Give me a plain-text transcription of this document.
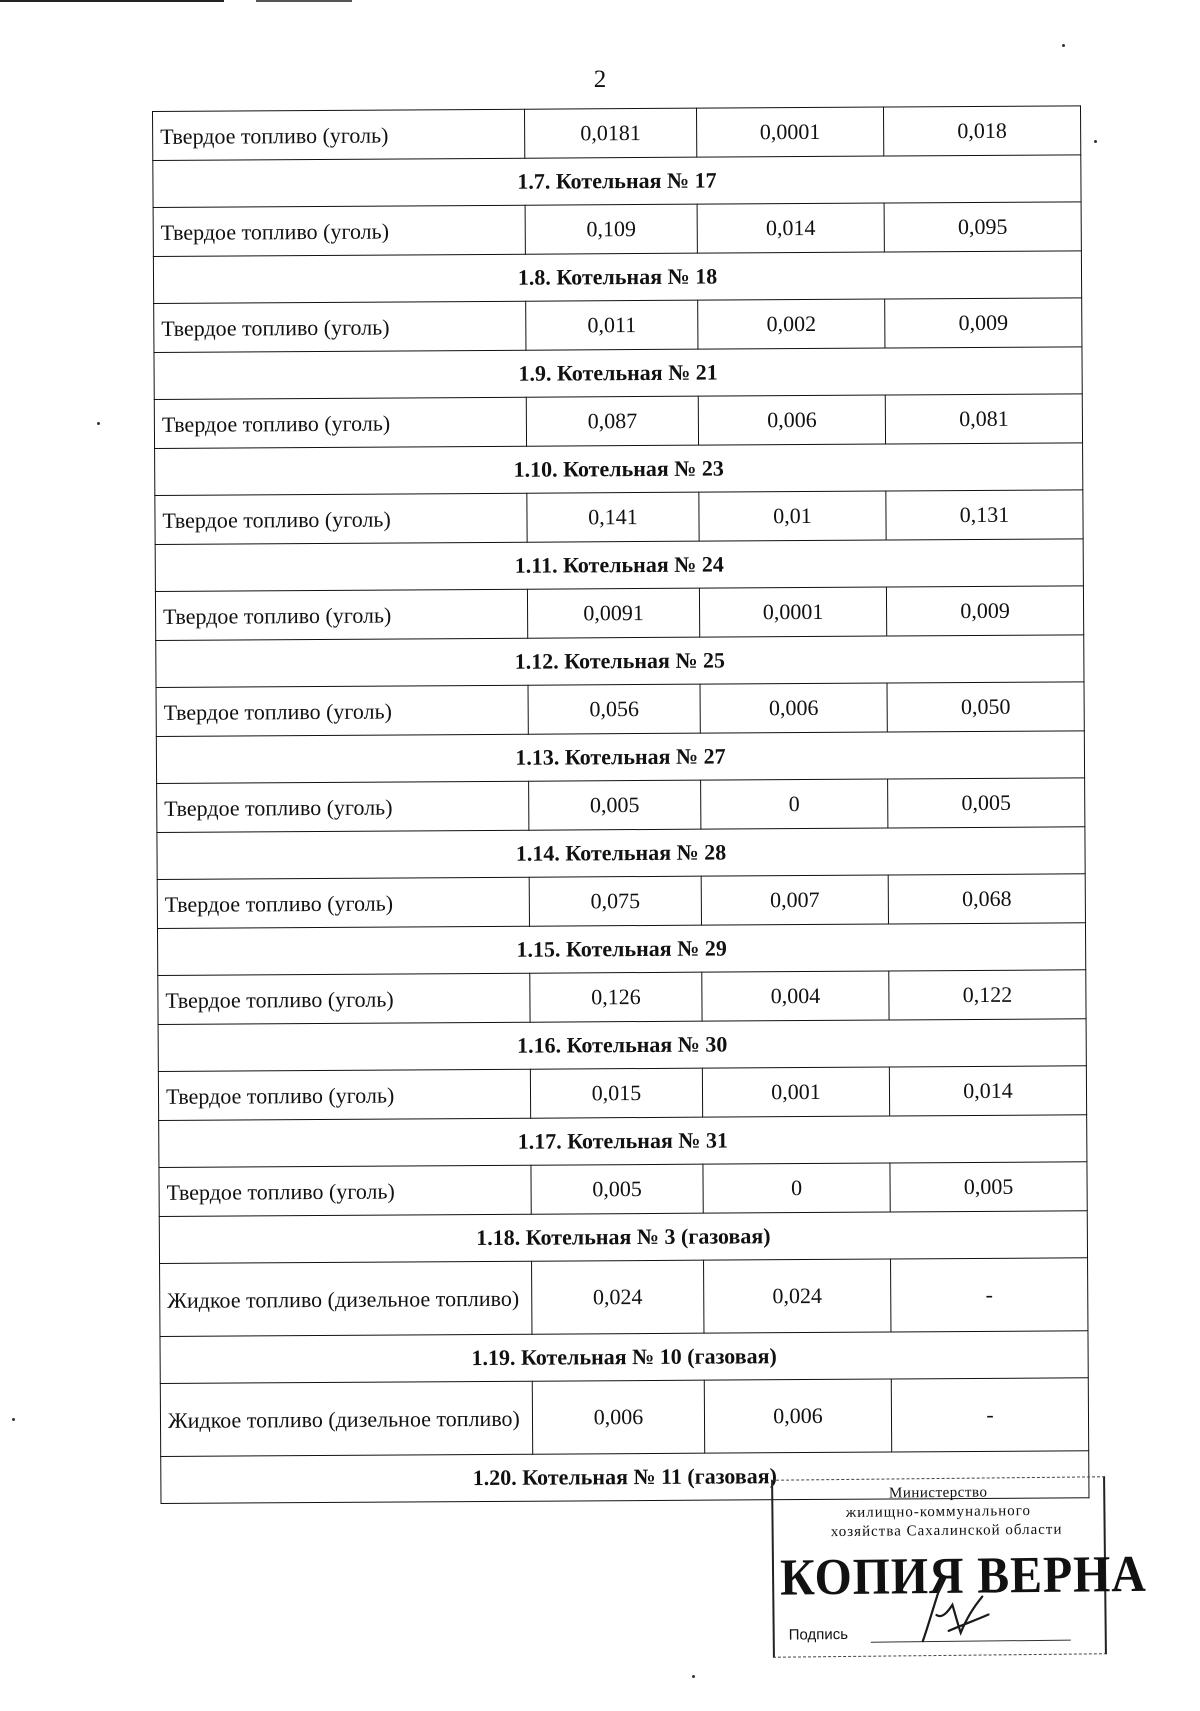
2
Твердое топливо (уголь)	0,0181	0,0001	0,018
1.7. Котельная № 17			
Твердое топливо (уголь)	0,109	0,014	0,095
1.8. Котельная № 18			
Твердое топливо (уголь)	0,011	0,002	0,009
1.9. Котельная № 21			
Твердое топливо (уголь)	0,087	0,006	0,081
1.10. Котельная № 23			
Твердое топливо (уголь)	0,141	0,01	0,131
1.11. Котельная № 24			
Твердое топливо (уголь)	0,0091	0,0001	0,009
1.12. Котельная № 25			
Твердое топливо (уголь)	0,056	0,006	0,050
1.13. Котельная № 27			
Твердое топливо (уголь)	0,005	0	0,005
1.14. Котельная № 28			
Твердое топливо (уголь)	0,075	0,007	0,068
1.15. Котельная № 29			
Твердое топливо (уголь)	0,126	0,004	0,122
1.16. Котельная № 30			
Твердое топливо (уголь)	0,015	0,001	0,014
1.17. Котельная № 31			
Твердое топливо (уголь)	0,005	0	0,005
1.18. Котельная № 3 (газовая)			
Жидкое топливо (дизельное топливо)	0,024	0,024	-
1.19. Котельная № 10 (газовая)			
Жидкое топливо (дизельное топливо)	0,006	0,006	-
1.20. Котельная № 11 (газовая)			
Министерство
жилищно-коммунального
хозяйства Сахалинской области
КОПИЯ ВЕРНА
Подпись
